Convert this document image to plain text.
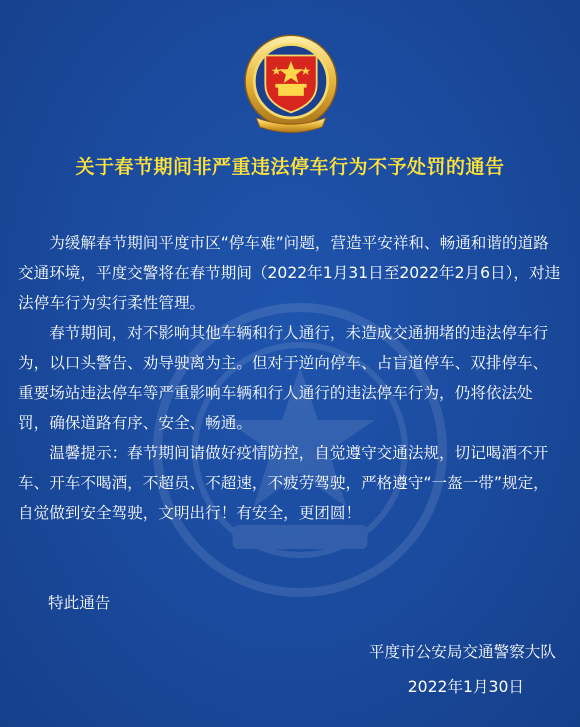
关于春节期间非严重违法停车行为不予处罚的通告

为缓解春节期间平度市区“停车难”问题，营造平安祥和、畅通和谐的道路交通环境，平度交警将在春节期间（2022年1月31日至2022年2月6日），对违法停车行为实行柔性管理。

春节期间，对不影响其他车辆和行人通行，未造成交通拥堵的违法停车行为，以口头警告、劝导驶离为主。但对于逆向停车、占盲道停车、双排停车、重要场站违法停车等严重影响车辆和行人通行的违法停车行为，仍将依法处罚，确保道路有序、安全、畅通。

温馨提示：春节期间请做好疫情防控，自觉遵守交通法规，切记喝酒不开车、开车不喝酒，不超员、不超速，不疲劳驾驶，严格遵守“一盔一带”规定，自觉做到安全驾驶，文明出行！有安全，更团圆！

特此通告
平度市公安局交通警察大队
2022年1月30日
